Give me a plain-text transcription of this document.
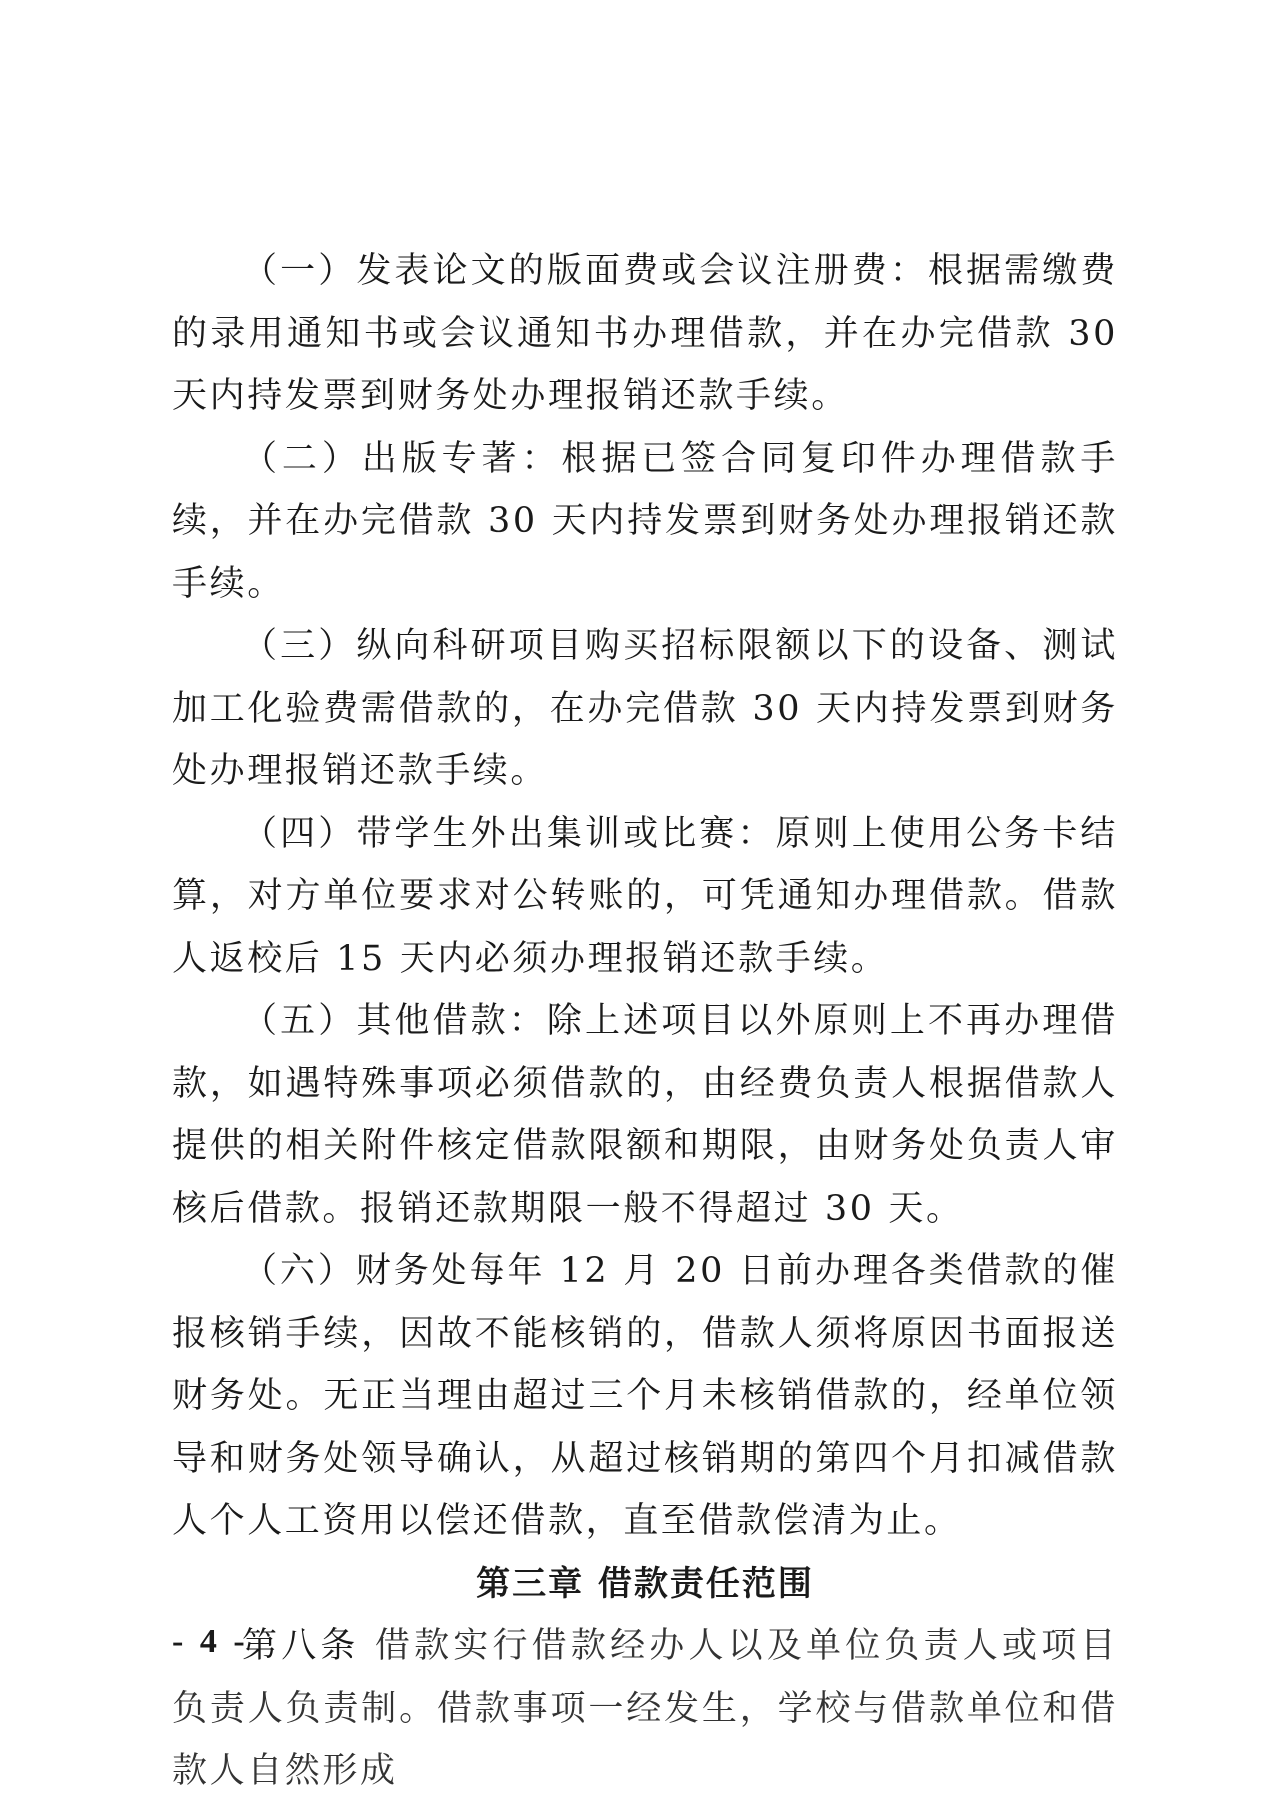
（一）发表论文的版面费或会议注册费：根据需缴费的录用通知书或会议通知书办理借款，并在办完借款 30 天内持发票到财务处办理报销还款手续。

（二）出版专著：根据已签合同复印件办理借款手续，并在办完借款 30 天内持发票到财务处办理报销还款手续。

（三）纵向科研项目购买招标限额以下的设备、测试加工化验费需借款的，在办完借款 30 天内持发票到财务处办理报销还款手续。

（四）带学生外出集训或比赛：原则上使用公务卡结算，对方单位要求对公转账的，可凭通知办理借款。借款人返校后 15 天内必须办理报销还款手续。

（五）其他借款：除上述项目以外原则上不再办理借款，如遇特殊事项必须借款的，由经费负责人根据借款人提供的相关附件核定借款限额和期限，由财务处负责人审核后借款。报销还款期限一般不得超过 30 天。

（六）财务处每年 12 月 20 日前办理各类借款的催报核销手续，因故不能核销的，借款人须将原因书面报送财务处。无正当理由超过三个月未核销借款的，经单位领导和财务处领导确认，从超过核销期的第四个月扣减借款人个人工资用以偿还借款，直至借款偿清为止。

第三章 借款责任范围

第八条 借款实行借款经办人以及单位负责人或项目负责人负责制。借款事项一经发生，学校与借款单位和借款人自然形成

- 4 -
